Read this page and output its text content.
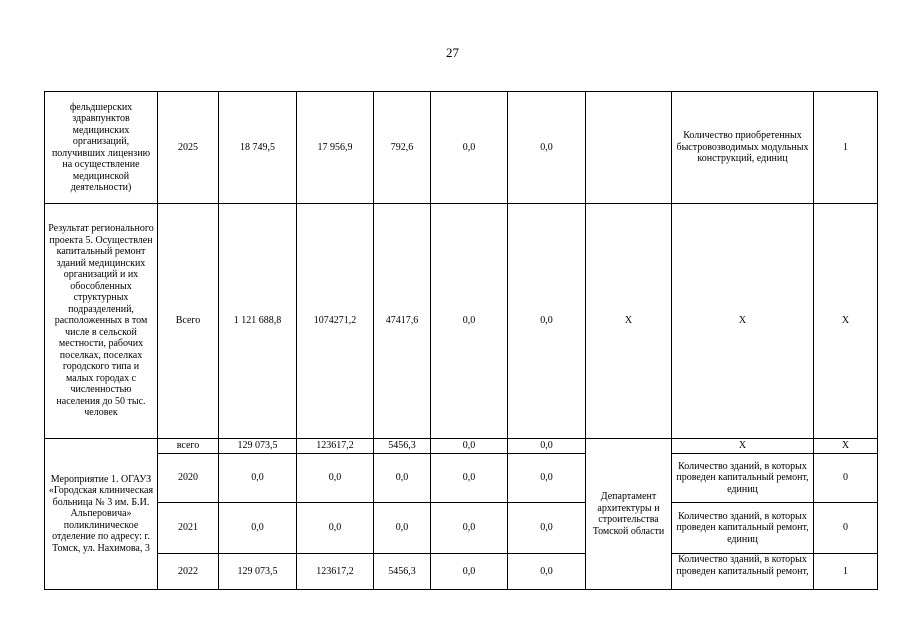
27
фельдшерских здравпунктов медицинских организаций, получивших лицензию на осуществление медицинской деятельности)	2025	18 749,5	17 956,9	792,6	0,0	0,0		Количество приобретенных быстровозводимых модульных конструкций, единиц	1
Результат регионального проекта 5. Осуществлен капитальный ремонт зданий медицинских организаций и их обособленных структурных подразделений, расположенных в том числе в сельской местности, рабочих поселках, поселках городского типа и малых городах с численностью населения до 50 тыс. человек	Всего	1 121 688,8	1074271,2	47417,6	0,0	0,0	X	X	X
Мероприятие 1. ОГАУЗ «Городская клиническая больница № 3 им. Б.И. Альперовича» поликлиническое отделение по адресу: г. Томск, ул. Нахимова, 3	всего	129 073,5	123617,2	5456,3	0,0	0,0	Департамент архитектуры и строительства Томской области	X	X
	2020	0,0	0,0	0,0	0,0	0,0		Количество зданий, в которых проведен капитальный ремонт, единиц	0
	2021	0,0	0,0	0,0	0,0	0,0		Количество зданий, в которых проведен капитальный ремонт, единиц	0
	2022	129 073,5	123617,2	5456,3	0,0	0,0		Количество зданий, в которых проведен капитальный ремонт,	1
